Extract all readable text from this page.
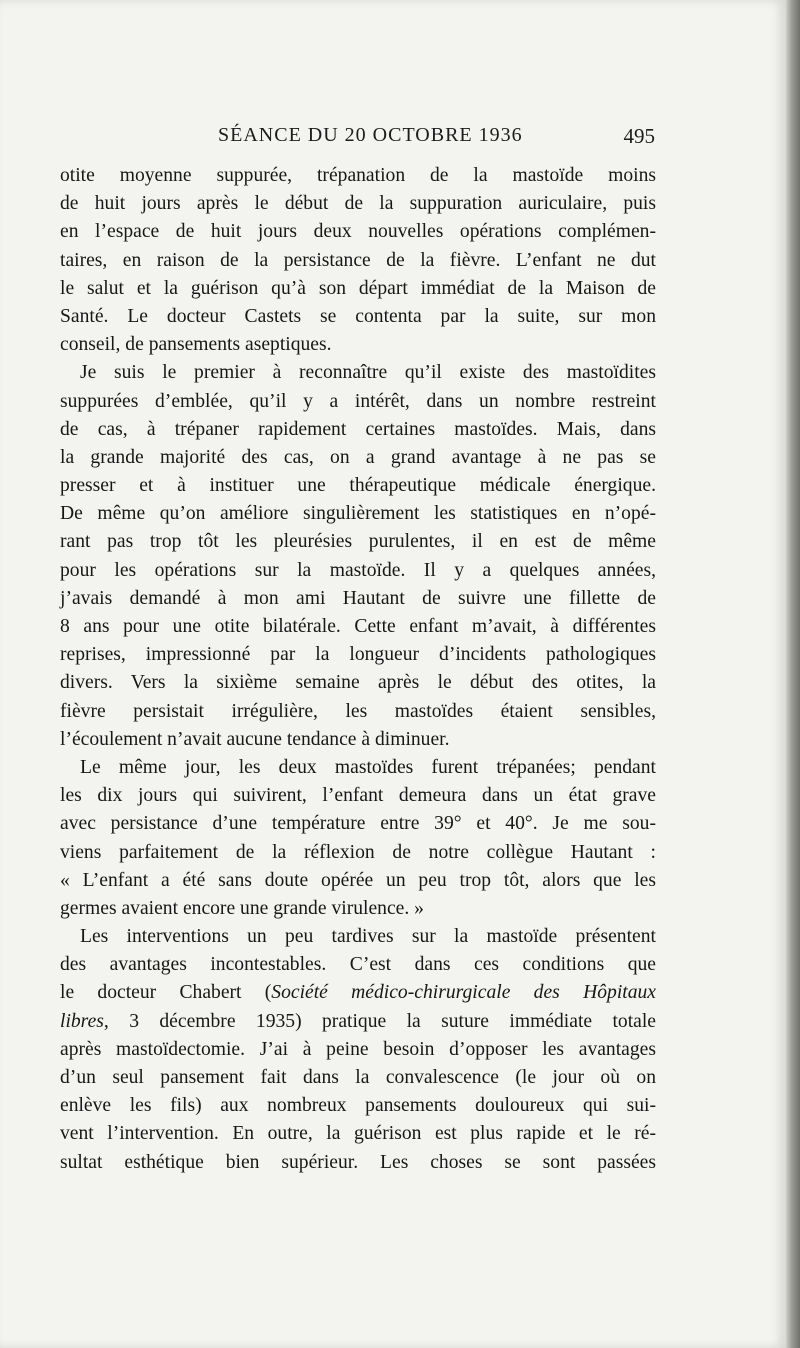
SÉANCE DU 20 OCTOBRE 1936	495
otite moyenne suppurée, trépanation de la mastoïde moins
de huit jours après le début de la suppuration auriculaire, puis
en l’espace de huit jours deux nouvelles opérations complémen-
taires, en raison de la persistance de la fièvre. L’enfant ne dut
le salut et la guérison qu’à son départ immédiat de la Maison de
Santé. Le docteur Castets se contenta par la suite, sur mon
conseil, de pansements aseptiques.
Je suis le premier à reconnaître qu’il existe des mastoïdites
suppurées d’emblée, qu’il y a intérêt, dans un nombre restreint
de cas, à trépaner rapidement certaines mastoïdes. Mais, dans
la grande majorité des cas, on a grand avantage à ne pas se
presser et à instituer une thérapeutique médicale énergique.
De même qu’on améliore singulièrement les statistiques en n’opé-
rant pas trop tôt les pleurésies purulentes, il en est de même
pour les opérations sur la mastoïde. Il y a quelques années,
j’avais demandé à mon ami Hautant de suivre une fillette de
8 ans pour une otite bilatérale. Cette enfant m’avait, à différentes
reprises, impressionné par la longueur d’incidents pathologiques
divers. Vers la sixième semaine après le début des otites, la
fièvre persistait irrégulière, les mastoïdes étaient sensibles,
l’écoulement n’avait aucune tendance à diminuer.
Le même jour, les deux mastoïdes furent trépanées; pendant
les dix jours qui suivirent, l’enfant demeura dans un état grave
avec persistance d’une température entre 39° et 40°. Je me sou-
viens parfaitement de la réflexion de notre collègue Hautant :
« L’enfant a été sans doute opérée un peu trop tôt, alors que les
germes avaient encore une grande virulence. »
Les interventions un peu tardives sur la mastoïde présentent
des avantages incontestables. C’est dans ces conditions que
le docteur Chabert (Société médico-chirurgicale des Hôpitaux
libres, 3 décembre 1935) pratique la suture immédiate totale
après mastoïdectomie. J’ai à peine besoin d’opposer les avantages
d’un seul pansement fait dans la convalescence (le jour où on
enlève les fils) aux nombreux pansements douloureux qui sui-
vent l’intervention. En outre, la guérison est plus rapide et le ré-
sultat esthétique bien supérieur. Les choses se sont passées
